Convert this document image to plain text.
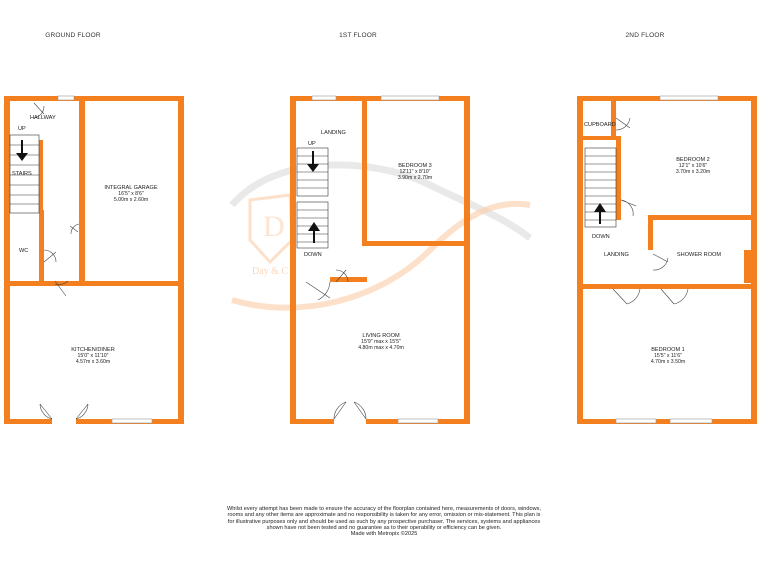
D
Day & C
GROUND FLOOR	1ST FLOOR	2ND FLOOR
HALLWAY
UP
STAIRS
WC
INTEGRAL GARAGE
16'5" x 8'6"
5.00m x 2.60m
KITCHEN/DINER
15'0" x 11'10"
4.57m x 3.60m
LANDING
UP
DOWN
BEDROOM 3
12'11" x 8'10"
3.90m x 2.70m
LIVING ROOM
15'9" max x 15'5"
4.80m max x 4.70m
CUPBOARD
DOWN
LANDING	SHOWER ROOM
BEDROOM 2
12'1" x 10'6"
3.70m x 3.20m
BEDROOM 1
15'5" x 11'6"
4.70m x 3.50m
Whilst every attempt has been made to ensure the accuracy of the floorplan contained here, measurements of doors, windows, rooms and any other items are approximate and no responsibility is taken for any error, omission or mis-statement. This plan is for illustrative purposes only and should be used as such by any prospective purchaser. The services, systems and appliances shown have not been tested and no guarantee as to their operability or efficiency can be given.
Made with Metropix ©2025
